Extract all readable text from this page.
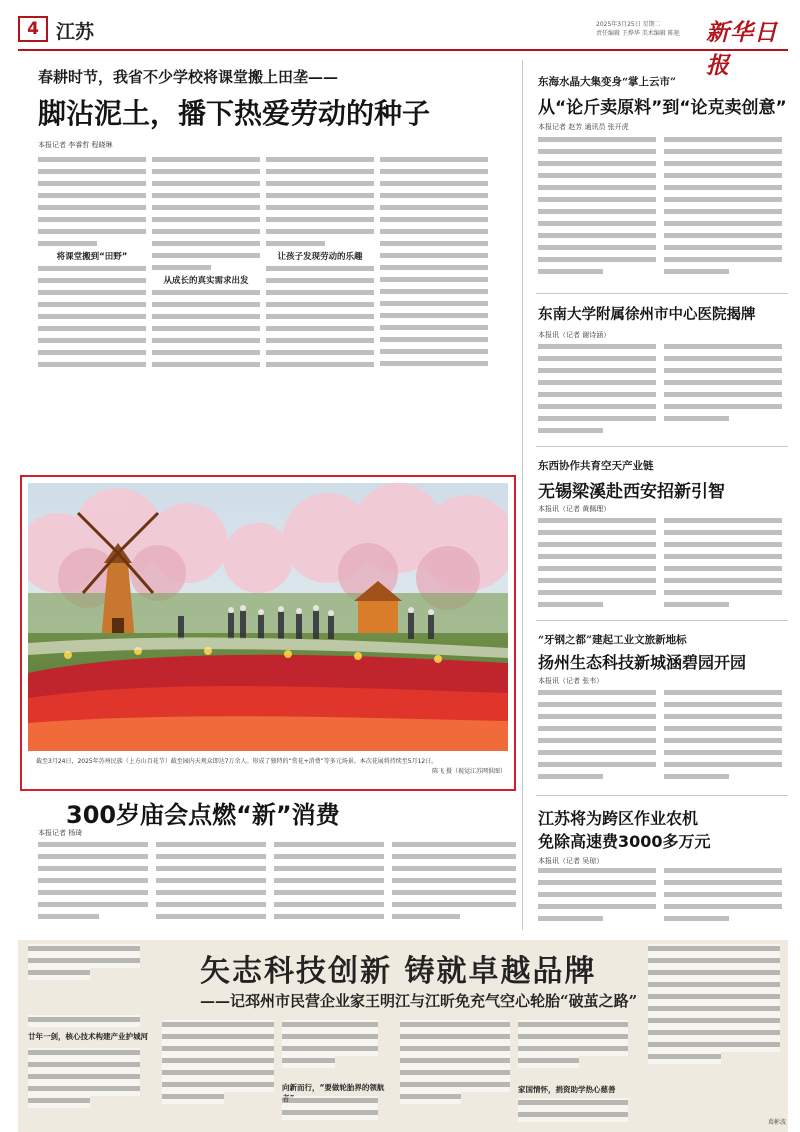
4 江苏	2025年3月25日 星期二
责任编辑 王烨华 美术编辑 陈艳	新华日报
春耕时节，我省不少学校将课堂搬上田垄——
脚沾泥土，播下热爱劳动的种子
本报记者 李睿哲 程晓琳
将课堂搬到“田野”
从成长的真实需求出发
让孩子发现劳动的乐趣
东海水晶大集变身“掌上云市”
从“论斤卖原料”到“论克卖创意”
本报记者 赵芳 通讯员 张开虎
东南大学附属徐州市中心医院揭牌
本报讯（记者 谢诗涵）
东西协作共育空天产业链
无锡梁溪赴西安招新引智
本报讯（记者 黄佩理）
“牙钢之都”建起工业文旅新地标
扬州生态科技新城涵碧园开园
本报讯（记者 张韦）
江苏将为跨区作业农机
免除高速费3000多万元
本报讯（记者 吴琼）
截至3月24日，2025年苏州民族（上方山百花节）截至园内天观众即达7万余人。形成了独特的“赏花+消费”等多元场景。本次花展将持续至5月12日。
陈飞 摄（视觉江苏网供图）
300岁庙会点燃“新”消费
本报记者 杨琦
矢志科技创新 铸就卓越品牌
——记邳州市民营企业家王明江与江昕免充气空心轮胎“破茧之路”
廿年一剑，核心技术构建产业护城河
向新而行，“要做轮胎界的领航	家国情怀，捐资助学热心慈善
葛彬波
